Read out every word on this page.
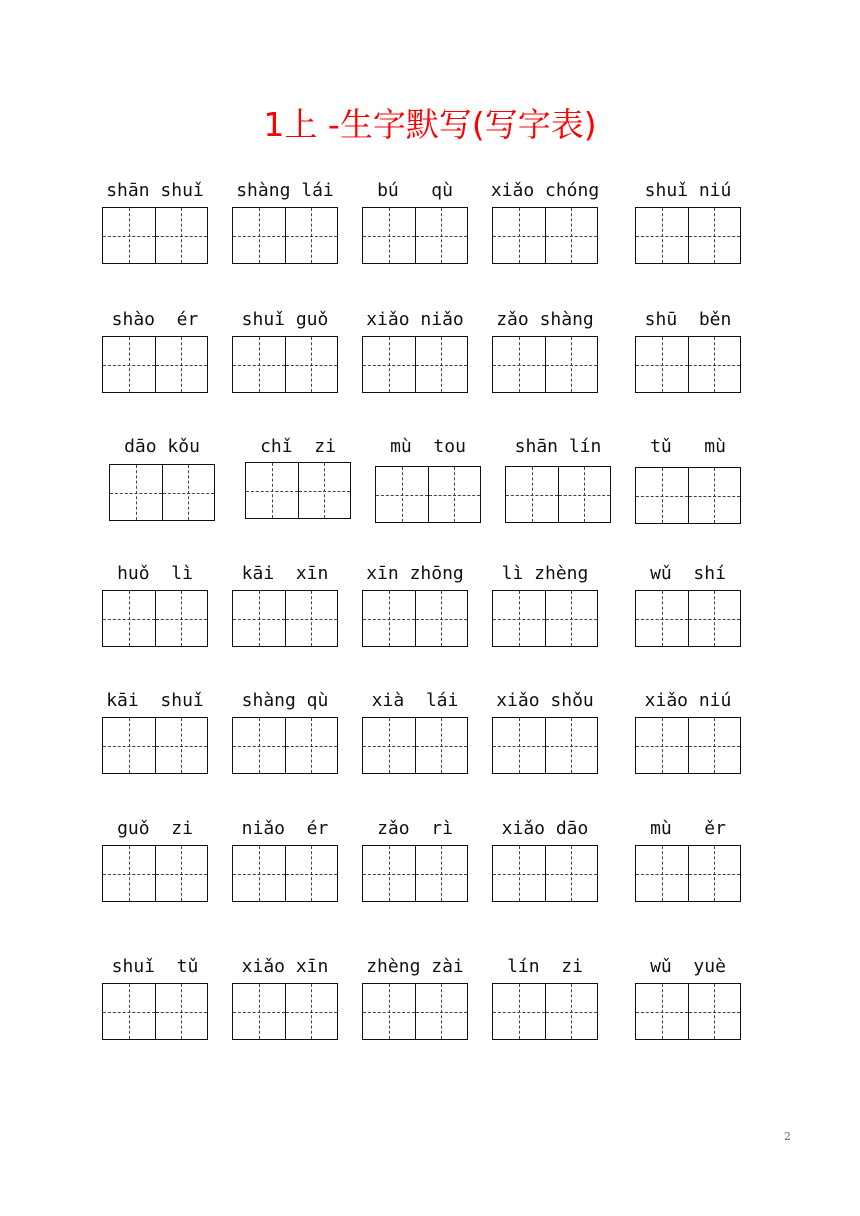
1上 -生字默写(写字表)
shān shuǐ	shàng lái	bú   qù	xiǎo chóng	shuǐ niú
shào  ér	shuǐ guǒ	xiǎo niǎo	zǎo shàng	shū  běn
dāo kǒu	chǐ  zi	mù  tou	shān lín	tǔ   mù
huǒ  lì	kāi  xīn	xīn zhōng	lì zhèng	wǔ  shí
kāi  shuǐ	shàng qù	xià  lái	xiǎo shǒu	xiǎo niú
guǒ  zi	niǎo  ér	zǎo  rì	xiǎo dāo	mù   ěr
shuǐ  tǔ	xiǎo xīn	zhèng zài	lín  zi	wǔ  yuè
2
